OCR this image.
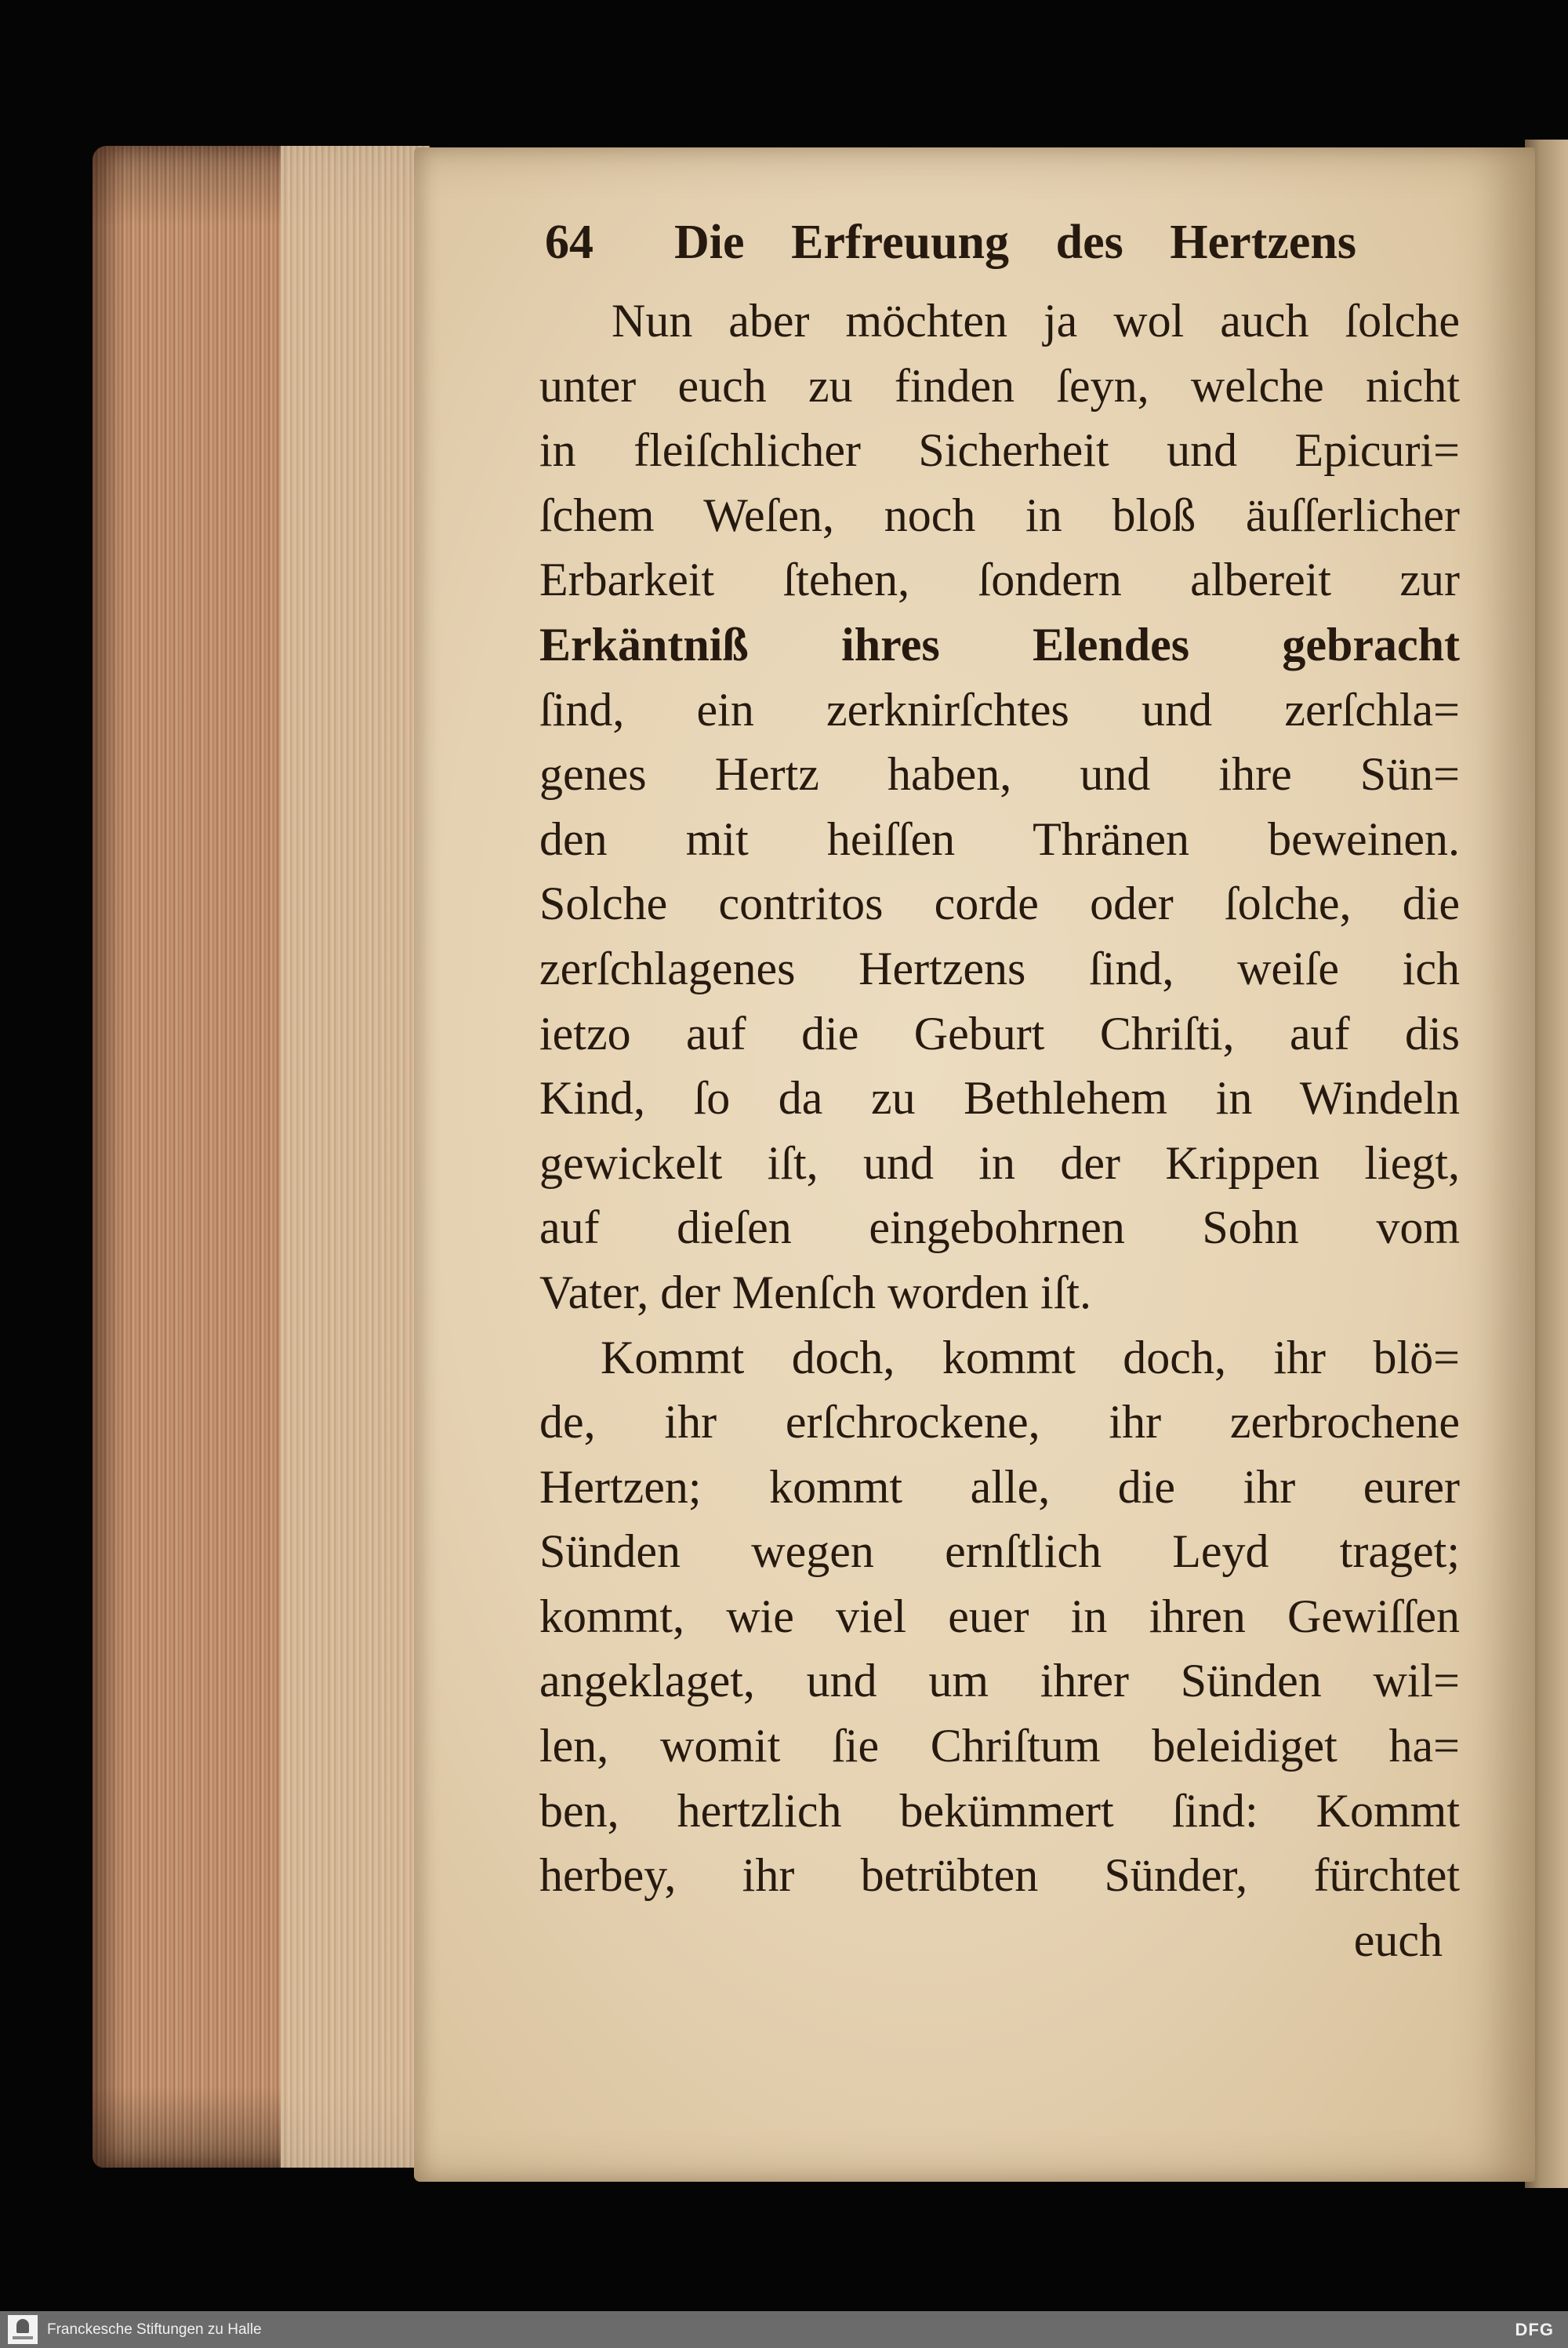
64 Die Erfreuung des Hertzens
Nun aber möchten ja wol auch ſolche
unter euch zu finden ſeyn, welche nicht
in fleiſchlicher Sicherheit und Epicuri=
ſchem Weſen, noch in bloß äuſſerlicher
Erbarkeit ſtehen, ſondern albereit zur
Erkäntniß ihres Elendes gebracht
ſind, ein zerknirſchtes und zerſchla=
genes Hertz haben, und ihre Sün=
den mit heiſſen Thränen beweinen.
Solche contritos corde oder ſolche, die
zerſchlagenes Hertzens ſind, weiſe ich
ietzo auf die Geburt Chriſti, auf dis
Kind, ſo da zu Bethlehem in Windeln
gewickelt iſt, und in der Krippen liegt,
auf dieſen eingebohrnen Sohn vom
Vater, der Menſch worden iſt.
Kommt doch, kommt doch, ihr blö=
de, ihr erſchrockene, ihr zerbrochene
Hertzen; kommt alle, die ihr eurer
Sünden wegen ernſtlich Leyd traget;
kommt, wie viel euer in ihren Gewiſſen
angeklaget, und um ihrer Sünden wil=
len, womit ſie Chriſtum beleidiget ha=
ben, hertzlich bekümmert ſind: Kommt
herbey, ihr betrübten Sünder, fürchtet
euch
Franckesche Stiftungen zu Halle	DFG
